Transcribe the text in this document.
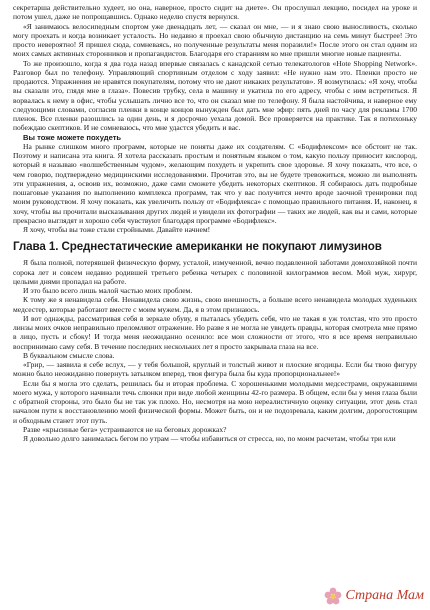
секретарша действительно худеет, но она, наверное, просто сидит на диете». Он прослушал лекцию, посидел на уроке и потом ушел, даже не попрощавшись. Однако неделю спустя вернулся.

«Я занимаюсь велосипедным спортом уже двенадцать лет, — сказал он мне, — и я знаю свою выносливость, сколько могу проехать и когда возникает усталость. Но недавно я проехал свою обычную дистанцию на семь минут быстрее! Это просто невероятно! Я пришел сюда, сомневаясь, но полученные результаты меня поразили!» После этого он стал одним из моих самых активных сторонников и пропагандистов. Благодаря его стараниям ко мне пришли многие новые пациенты.

То же произошло, когда я два года назад впервые связалась с канадской сетью телекатологов «Hote Shopping Network». Разговор был по телефону. Управляющий спортивным отделом с ходу заявил: «Не нужно нам это. Пленки просто не продаются. Упражнения не нравятся покупателям, потому что не дают никаких результатов». Я возмутилась: «Я хочу, чтобы вы сказали это, глядя мне в глаза». Повесив трубку, села в машину и укатила по его адресу, чтобы с ним встретиться. Я ворвалась к нему в офис, чтобы услышать лично все то, что он сказал мне по телефону. Я была настойчива, и наверное ему следующими словами, согласив пленки в конце концов вынужден был дать мне эфир: пять дней по часу для рекламы 1700 пленок. Все пленки разошлись за один день, и я досрочно уехала домой. Все проверяется на практике. Так я потихоньку побеждаю скептиков. И не сомневаюсь, что мне удастся убедить и вас.

Вы тоже можете похудеть

На рынке слишком много программ, которые не поняты даже их создателям. С «Бодифлексом» все обстоит не так. Поэтому и написана эта книга. Я хотела рассказать простым и понятным языком о том, какую пользу приносит кислород, который я называю «волшебственным чудом», желающим похудеть и укрепить свое здоровье. Я хочу показать, что все, о чем говорю, подтверждено медицинскими исследованиями. Прочитав это, вы не будете тревожиться, можно ли выполнять эти упражнения, а, освоив их, возможно, даже сами сможете убедить некоторых скептиков. Я собираюсь дать подробные пошаговые указания по выполнению комплекса программ, так что у вас получится нечто вроде заочной тренировки под моим руководством. Я хочу показать, как увеличить пользу от «Бодифлекса» с помощью правильного питания. И, наконец, я хочу, чтобы вы прочитали высказывания других людей и увидели их фотографии — таких же людей, как вы и сами, которые прекрасно выглядят и хорошо себя чувствуют благодаря программе «Бодифлекс».

Я хочу, чтобы вы тоже стали стройными. Давайте начнем!

Глава 1. Среднестатические американки не покупают лимузинов

Я была полной, потерявшей физическую форму, усталой, измученной, вечно подавленной заботами домохозяйкой почти сорока лет и совсем недавно родившей третьего ребенка четырех с половиной килограммов весом. Мой муж, хирург, целыми днями пропадал на работе.

И это было всего лишь малой частью моих проблем.

К тому же я ненавидела себя. Ненавидела свою жизнь, свою внешность, а больше всего ненавидела молодых худеньких медсестер, которые работают вместе с моим мужем. Да, я в этом признаюсь.

И вот однажды, рассматривая себя в зеркале обуву, я пыталась убедить себя, что не такая я уж толстая, что это просто линзы моих очков неправильно преломляют отражение. Но разве я не могла не увидеть правды, которая смотрела мне прямо в лицо, пусть и сбоку! И тогда меня неожиданно осенило: все мои сложности от этого, что я все время неправильно воспринимаю саму себя. В течение последних нескольких лет я просто закрывала глаза на все.

В буквальном смысле слова.

«Грир, — заявила я себе вслух, — у тебя большой, круглый и толстый живот и плоские ягодицы. Если бы твою фигуру можно было неожиданно повернуть затылком вперед, твоя фигура была бы куда пропорциональнее!»

Если бы я могла это сделать, решилась бы и вторая проблема. С хорошенькими молодыми медсестрами, окружавшими моего мужа, у которого начинали течь слюнки при виде любой женщины 42-го размера. В общем, если бы у меня глаза были с обратной стороны, это было бы не так уж плохо. Но, несмотря на мою нереалистичную оценку ситуации, этот день стал началом пути к восстановлению моей физической формы. Может быть, он и не подозревала, каким долгим, дорогостоящим и обходным станет этот путь.

Разве «крысиные бега» устраиваются не на беговых дорожках?

Я довольно долго занималась бегом по утрам — чтобы избавиться от стресса, но, по моим расчетам, чтобы три или

Страна Мам
